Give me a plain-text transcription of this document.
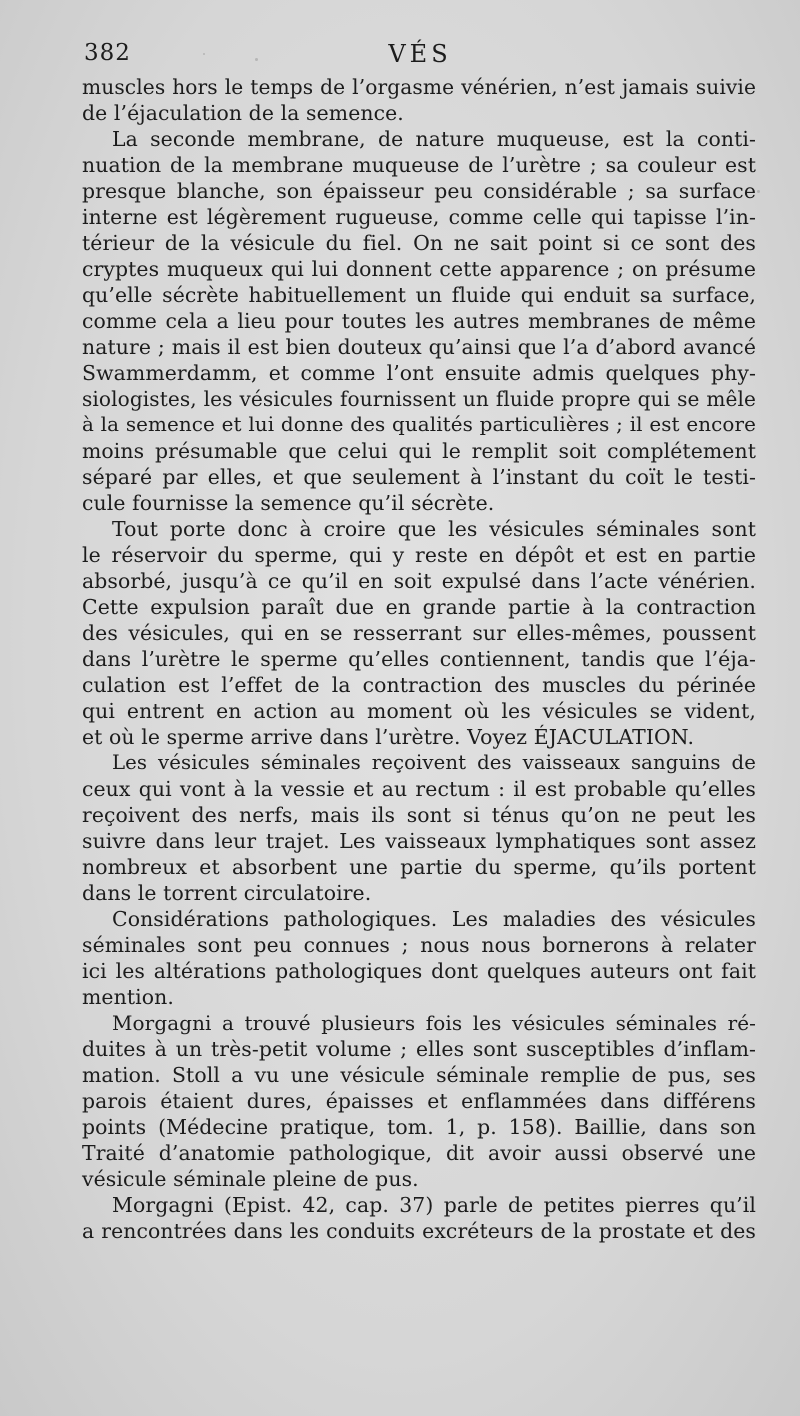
382	VÉS
muscles hors le temps de l’orgasme vénérien, n’est jamais suivie
de l’éjaculation de la semence.
La seconde membrane, de nature muqueuse, est la conti-
nuation de la membrane muqueuse de l’urètre ; sa couleur est
presque blanche, son épaisseur peu considérable ; sa surface
interne est légèrement rugueuse, comme celle qui tapisse l’in-
térieur de la vésicule du fiel. On ne sait point si ce sont des
cryptes muqueux qui lui donnent cette apparence ; on présume
qu’elle sécrète habituellement un fluide qui enduit sa surface,
comme cela a lieu pour toutes les autres membranes de même
nature ; mais il est bien douteux qu’ainsi que l’a d’abord avancé
Swammerdamm, et comme l’ont ensuite admis quelques phy-
siologistes, les vésicules fournissent un fluide propre qui se mêle
à la semence et lui donne des qualités particulières ; il est encore
moins présumable que celui qui le remplit soit complétement
séparé par elles, et que seulement à l’instant du coït le testi-
cule fournisse la semence qu’il sécrète.
Tout porte donc à croire que les vésicules séminales sont
le réservoir du sperme, qui y reste en dépôt et est en partie
absorbé, jusqu’à ce qu’il en soit expulsé dans l’acte vénérien.
Cette expulsion paraît due en grande partie à la contraction
des vésicules, qui en se resserrant sur elles-mêmes, poussent
dans l’urètre le sperme qu’elles contiennent, tandis que l’éja-
culation est l’effet de la contraction des muscles du périnée
qui entrent en action au moment où les vésicules se vident,
et où le sperme arrive dans l’urètre. Voyez ÉJACULATION.
Les vésicules séminales reçoivent des vaisseaux sanguins de
ceux qui vont à la vessie et au rectum : il est probable qu’elles
reçoivent des nerfs, mais ils sont si ténus qu’on ne peut les
suivre dans leur trajet. Les vaisseaux lymphatiques sont assez
nombreux et absorbent une partie du sperme, qu’ils portent
dans le torrent circulatoire.
Considérations pathologiques. Les maladies des vésicules
séminales sont peu connues ; nous nous bornerons à relater
ici les altérations pathologiques dont quelques auteurs ont fait
mention.
Morgagni a trouvé plusieurs fois les vésicules séminales ré-
duites à un très-petit volume ; elles sont susceptibles d’inflam-
mation. Stoll a vu une vésicule séminale remplie de pus, ses
parois étaient dures, épaisses et enflammées dans différens
points (Médecine pratique, tom. 1, p. 158). Baillie, dans son
Traité d’anatomie pathologique, dit avoir aussi observé une
vésicule séminale pleine de pus.
Morgagni (Epist. 42, cap. 37) parle de petites pierres qu’il
a rencontrées dans les conduits excréteurs de la prostate et des
